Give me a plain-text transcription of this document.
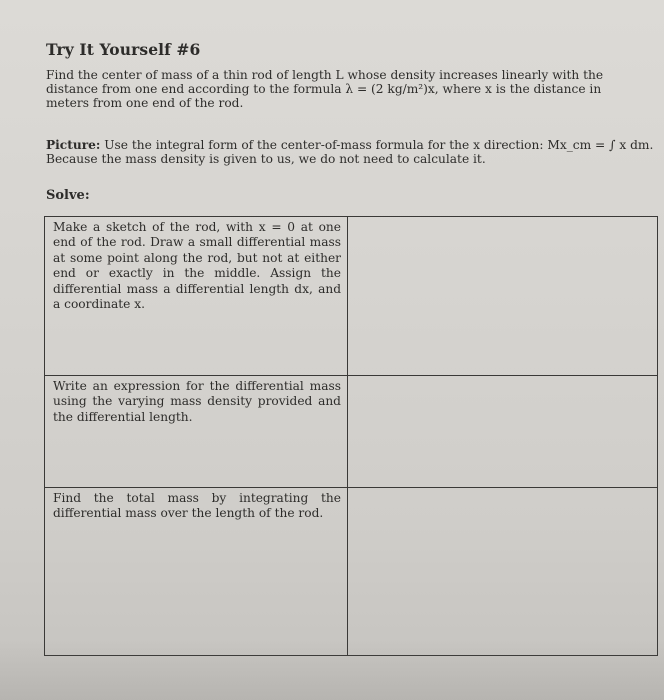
Try It Yourself #6
Find the center of mass of a thin rod of length L whose density increases linearly with the distance from one end according to the formula λ = (2 kg/m²)x, where x is the distance in meters from one end of the rod.
Picture: Use the integral form of the center-of-mass formula for the x direction: Mx_cm = ∫ x dm. Because the mass density is given to us, we do not need to calculate it.
Solve:
Make a sketch of the rod, with x = 0 at one end of the rod. Draw a small differential mass at some point along the rod, but not at either end or exactly in the middle. Assign the differential mass a differential length dx, and a coordinate x.
Write an expression for the differential mass using the varying mass density provided and the differential length.
Find the total mass by integrating the differential mass over the length of the rod.
